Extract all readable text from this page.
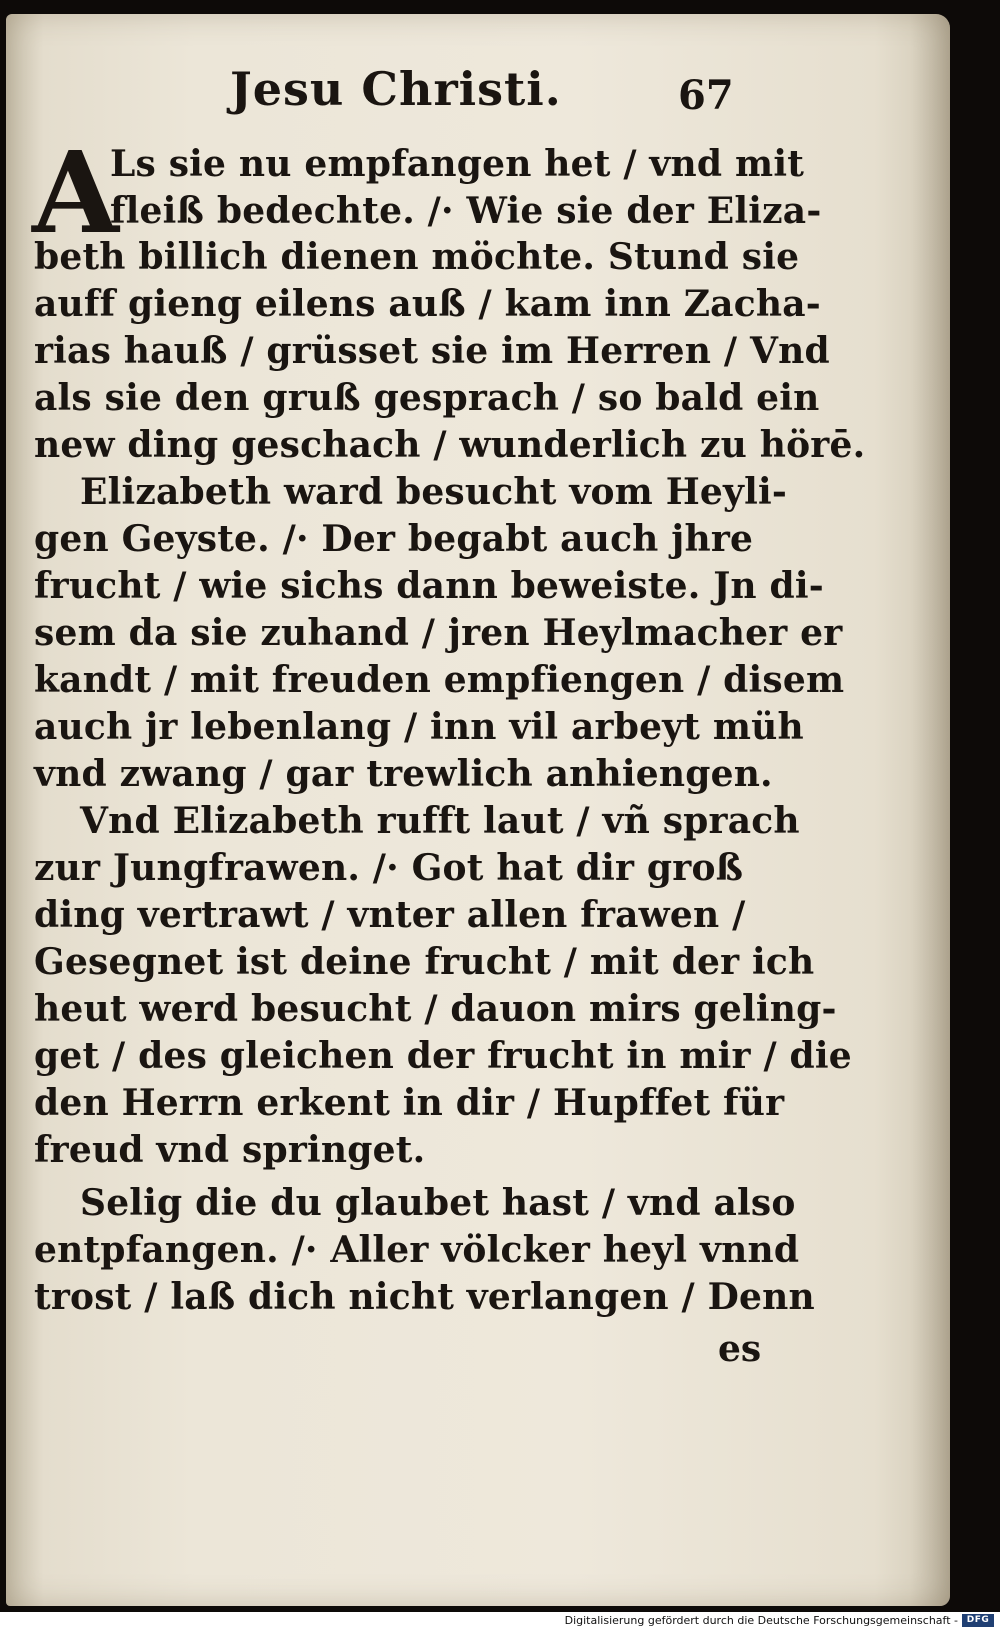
Jesu Christi.	67
A
Ls sie nu empfangen het / vnd mit
fleiß bedechte. /· Wie sie der Eliza-
beth billich dienen möchte. Stund sie
auff gieng eilens auß / kam inn Zacha-
rias hauß / grüsset sie im Herren / Vnd
als sie den gruß gesprach / so bald ein
new ding geschach / wunderlich zu hörē.
Elizabeth ward besucht vom Heyli-
gen Geyste. /· Der begabt auch jhre
frucht / wie sichs dann beweiste. Jn di-
sem da sie zuhand / jren Heylmacher er
kandt / mit freuden empfiengen / disem
auch jr lebenlang / inn vil arbeyt müh
vnd zwang / gar trewlich anhiengen.
Vnd Elizabeth rufft laut / vñ sprach
zur Jungfrawen. /· Got hat dir groß
ding vertrawt / vnter allen frawen /
Gesegnet ist deine frucht / mit der ich
heut werd besucht / dauon mirs geling-
get / des gleichen der frucht in mir / die
den Herrn erkent in dir / Hupffet für
freud vnd springet.
Selig die du glaubet hast / vnd also
entpfangen. /· Aller völcker heyl vnnd
trost / laß dich nicht verlangen / Denn
es
Digitalisierung gefördert durch die Deutsche Forschungsgemeinschaft - DFG
